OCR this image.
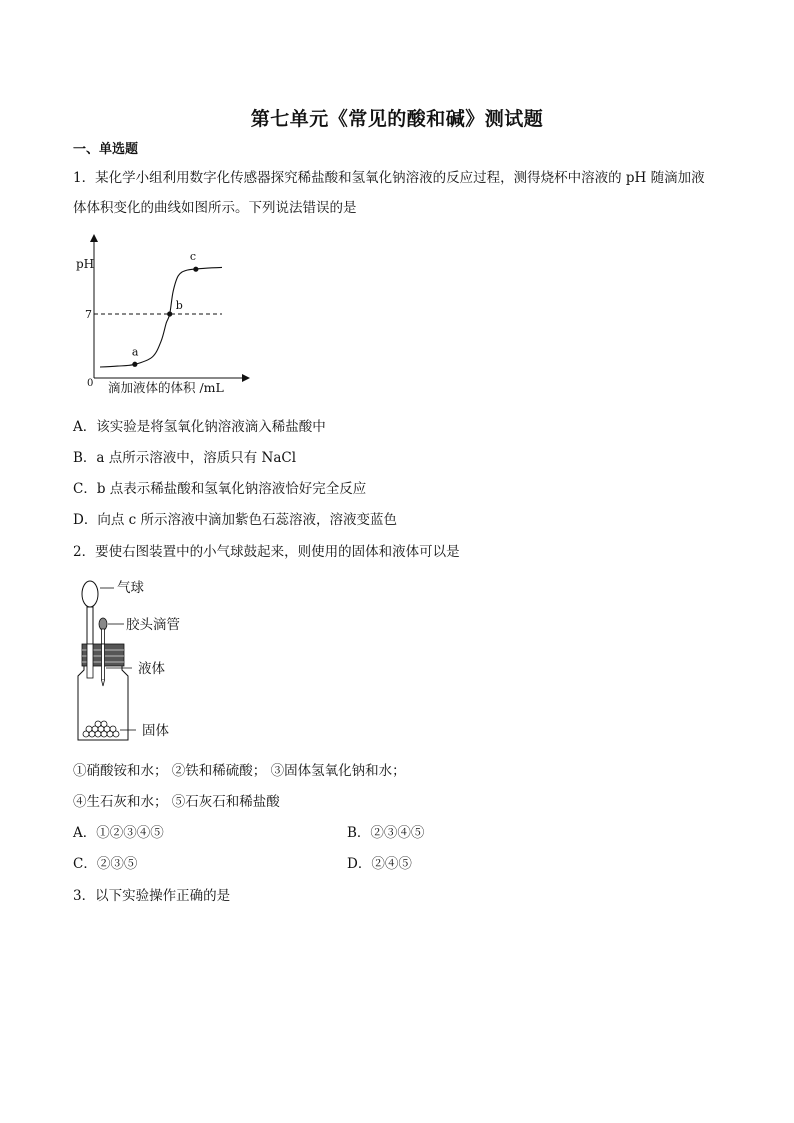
第七单元《常见的酸和碱》测试题
一、单选题
1．某化学小组利用数字化传感器探究稀盐酸和氢氧化钠溶液的反应过程，测得烧杯中溶液的 pH 随滴加液
体体积变化的曲线如图所示。下列说法错误的是
pH
0
7
滴加液体的体积 /mL
a
b
c
A．该实验是将氢氧化钠溶液滴入稀盐酸中
B．a 点所示溶液中，溶质只有 NaCl
C．b 点表示稀盐酸和氢氧化钠溶液恰好完全反应
D．向点 c 所示溶液中滴加紫色石蕊溶液，溶液变蓝色
2．要使右图装置中的小气球鼓起来，则使用的固体和液体可以是
气球
胶头滴管
液体
固体
①硝酸铵和水； ②铁和稀硫酸； ③固体氢氧化钠和水；
④生石灰和水； ⑤石灰石和稀盐酸
A．①②③④⑤	B．②③④⑤
C．②③⑤	D．②④⑤
3．以下实验操作正确的是
